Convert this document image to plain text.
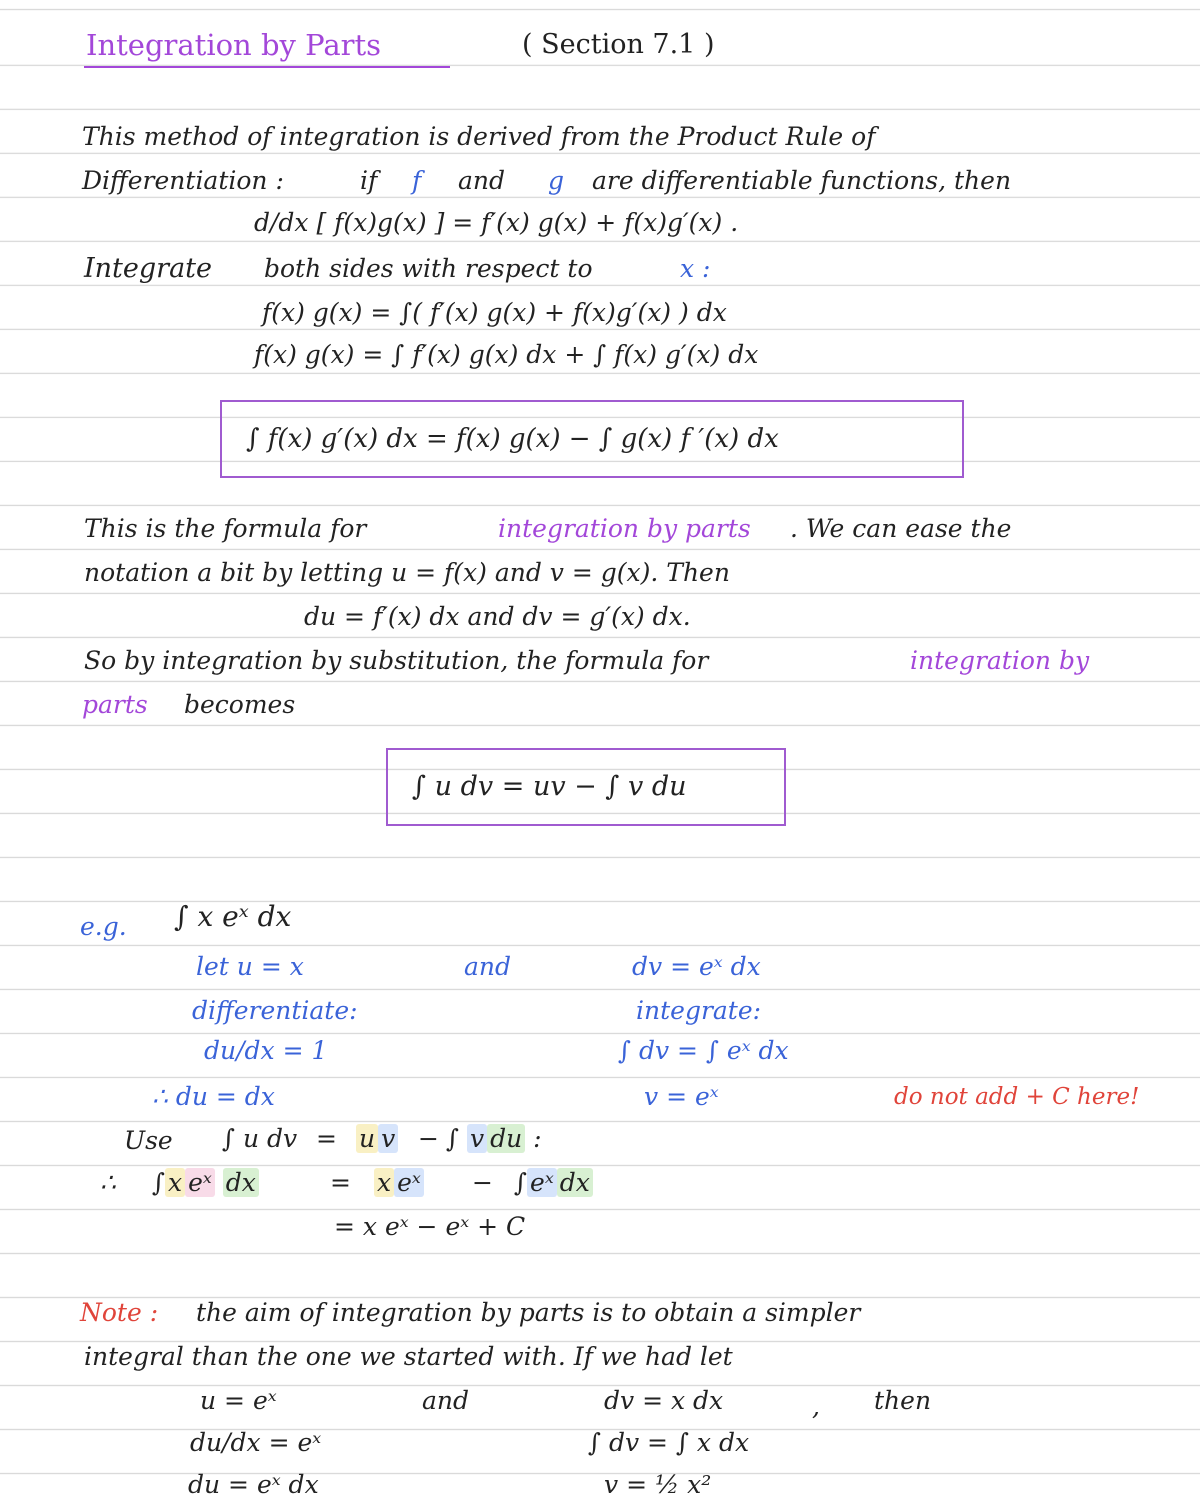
Integration by Parts	( Section 7.1 )
This method of integration is derived from the Product Rule of
Differentiation :	if f and g are differentiable functions, then
d/dx [ f(x)g(x) ] = f′(x) g(x) + f(x)g′(x) .
Integrate both sides with respect to	x :
f(x) g(x) = ∫( f′(x) g(x) + f(x)g′(x) ) dx
f(x) g(x) = ∫ f′(x) g(x) dx + ∫ f(x) g′(x) dx
∫ f(x) g′(x) dx = f(x) g(x) − ∫ g(x) f ′(x) dx
This is the formula for	integration by parts . We can ease the
notation a bit by letting u = f(x) and v = g(x). Then
du = f′(x) dx and dv = g′(x) dx.
So by integration by substitution, the formula for	integration by
parts becomes
∫ u dv = uv − ∫ v du
e.g. ∫ x eˣ dx
let u = x	and	dv = eˣ dx
differentiate:	integrate:
du/dx = 1	∫ dv = ∫ eˣ dx
∴ du = dx	v = eˣ	do not add + C here!
Use ∫ u dv = u v − ∫ v du :
∴ ∫ x eˣ dx	= x eˣ − ∫ eˣ dx
= x eˣ − eˣ + C
Note : the aim of integration by parts is to obtain a simpler
integral than the one we started with. If we had let
u = eˣ	and	dv = x dx	, then
du/dx = eˣ	∫ dv = ∫ x dx
du = eˣ dx	v = ½ x²
